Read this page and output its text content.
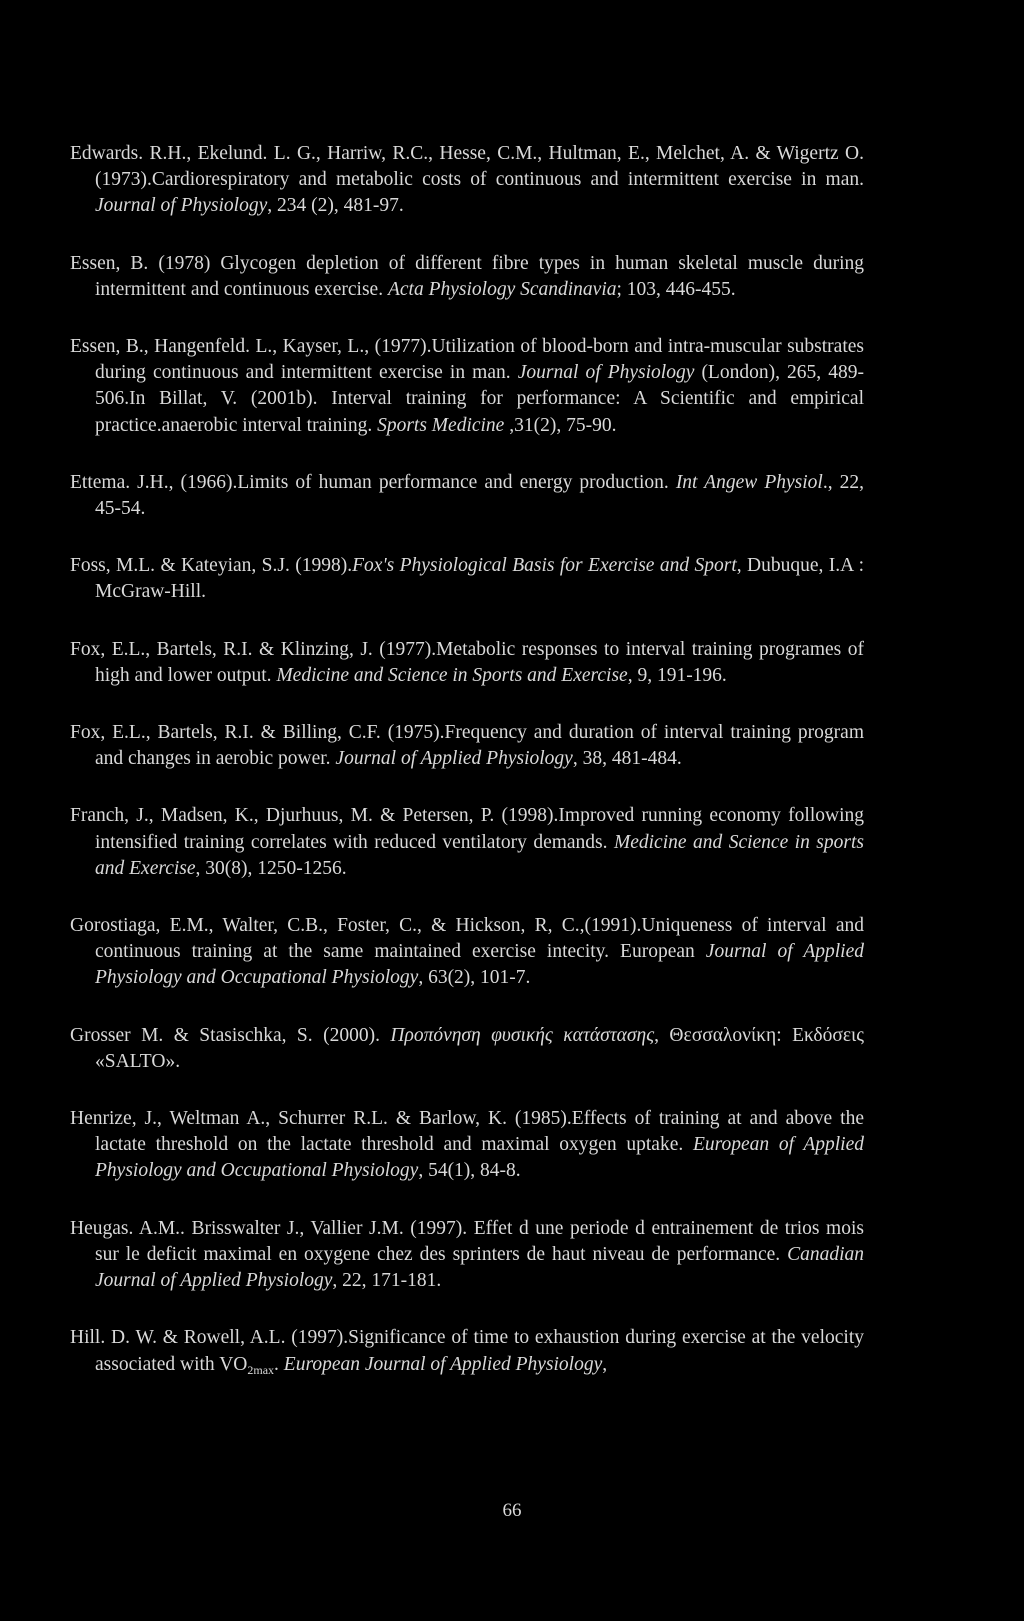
Edwards. R.H., Ekelund. L. G., Harriw, R.C., Hesse, C.M., Hultman, E., Melchet, A. & Wigertz O. (1973).Cardiorespiratory and metabolic costs of continuous and intermittent exercise in man. Journal of Physiology, 234 (2), 481-97.

Essen, B. (1978) Glycogen depletion of different fibre types in human skeletal muscle during intermittent and continuous exercise. Acta Physiology Scandinavia; 103, 446-455.

Essen, B., Hangenfeld. L., Kayser, L., (1977).Utilization of blood-born and intra-muscular substrates during continuous and intermittent exercise in man. Journal of Physiology (London), 265, 489-506.In Billat, V. (2001b). Interval training for performance: A Scientific and empirical practice.anaerobic interval training. Sports Medicine ,31(2), 75-90.

Ettema. J.H., (1966).Limits of human performance and energy production. Int Angew Physiol., 22, 45-54.

Foss, M.L. & Kateyian, S.J. (1998).Fox's Physiological Basis for Exercise and Sport, Dubuque, I.A : McGraw-Hill.

Fox, E.L., Bartels, R.I. & Klinzing, J. (1977).Metabolic responses to interval training programes of high and lower output. Medicine and Science in Sports and Exercise, 9, 191-196.

Fox, E.L., Bartels, R.I. & Billing, C.F. (1975).Frequency and duration of interval training program and changes in aerobic power. Journal of Applied Physiology, 38, 481-484.

Franch, J., Madsen, K., Djurhuus, M. & Petersen, P. (1998).Improved running economy following intensified training correlates with reduced ventilatory demands. Medicine and Science in sports and Exercise, 30(8), 1250-1256.

Gorostiaga, E.M., Walter, C.B., Foster, C., & Hickson, R, C.,(1991).Uniqueness of interval and continuous training at the same maintained exercise intecity. European Journal of Applied Physiology and Occupational Physiology, 63(2), 101-7.

Grosser M. & Stasischka, S. (2000). Προπόνηση φυσικής κατάστασης, Θεσσαλονίκη: Εκδόσεις «SALTO».

Henrize, J., Weltman A., Schurrer R.L. & Barlow, K. (1985).Effects of training at and above the lactate threshold on the lactate threshold and maximal oxygen uptake. European of Applied Physiology and Occupational Physiology, 54(1), 84-8.

Heugas. A.M.. Brisswalter J., Vallier J.M. (1997). Effet d une periode d entrainement de trios mois sur le deficit maximal en oxygene chez des sprinters de haut niveau de performance. Canadian Journal of Applied Physiology, 22, 171-181.

Hill. D. W. & Rowell, A.L. (1997).Significance of time to exhaustion during exercise at the velocity associated with $VO_{2max}$. European Journal of Applied Physiology,

66
